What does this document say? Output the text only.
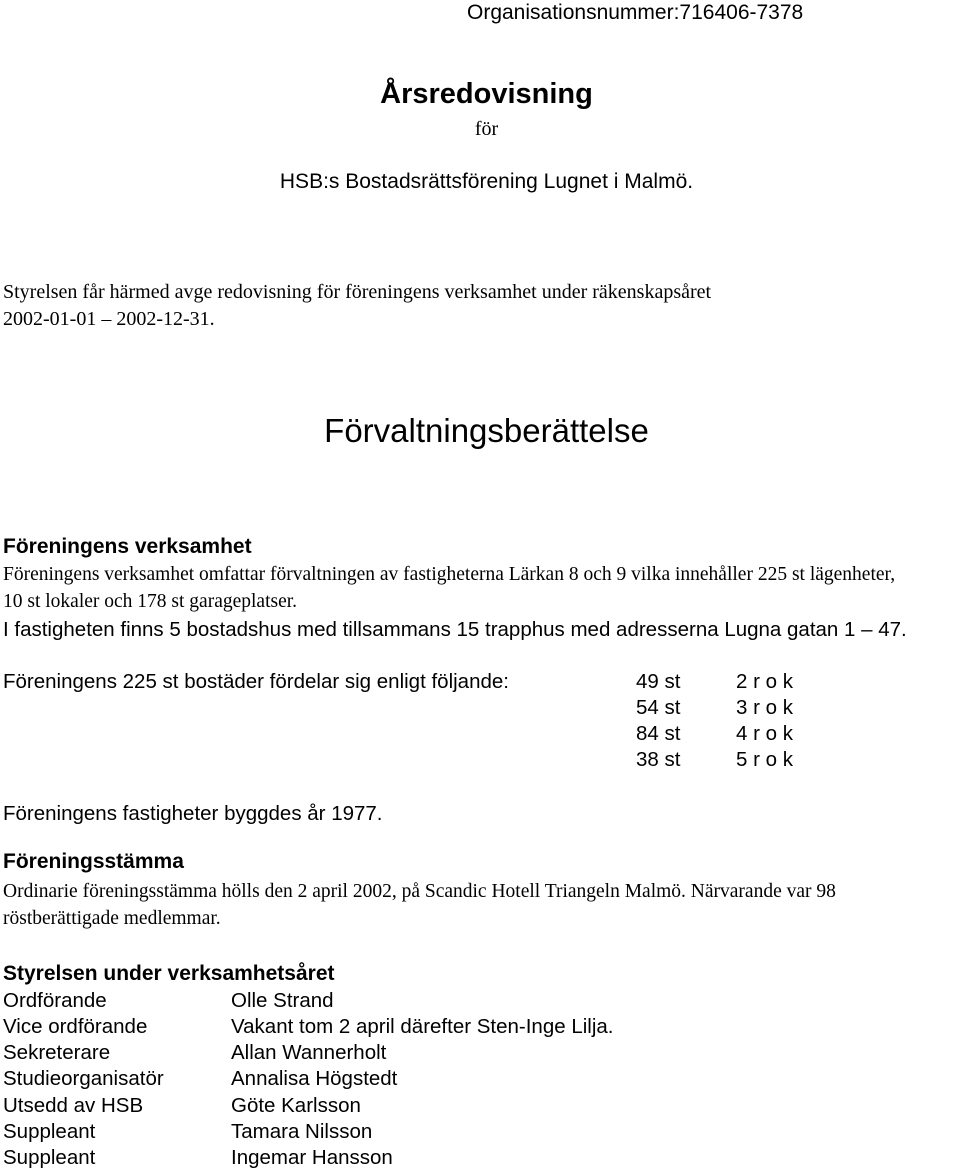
Organisationsnummer:716406-7378
Årsredovisning
för
HSB:s Bostadsrättsförening Lugnet i Malmö.
Styrelsen får härmed avge redovisning för föreningens verksamhet under räkenskapsåret
2002-01-01 – 2002-12-31.
Förvaltningsberättelse
Föreningens verksamhet
Föreningens verksamhet omfattar förvaltningen av fastigheterna Lärkan 8 och 9 vilka innehåller 225 st lägenheter,
10 st lokaler och 178 st garageplatser.
I fastigheten finns 5 bostadshus med tillsammans 15 trapphus med adresserna Lugna gatan 1 – 47.
Föreningens 225 st bostäder fördelar sig enligt följande:	49 st	2 r o k
54 st	3 r o k
84 st	4 r o k
38 st	5 r o k
Föreningens fastigheter byggdes år 1977.
Föreningsstämma
Ordinarie föreningsstämma hölls den 2 april 2002, på Scandic Hotell Triangeln Malmö. Närvarande var 98
röstberättigade medlemmar.
Styrelsen under verksamhetsåret
Ordförande	Olle Strand
Vice ordförande	Vakant tom 2 april därefter Sten-Inge Lilja.
Sekreterare	Allan Wannerholt
Studieorganisatör	Annalisa Högstedt
Utsedd av HSB	Göte Karlsson
Suppleant	Tamara Nilsson
Suppleant	Ingemar Hansson
